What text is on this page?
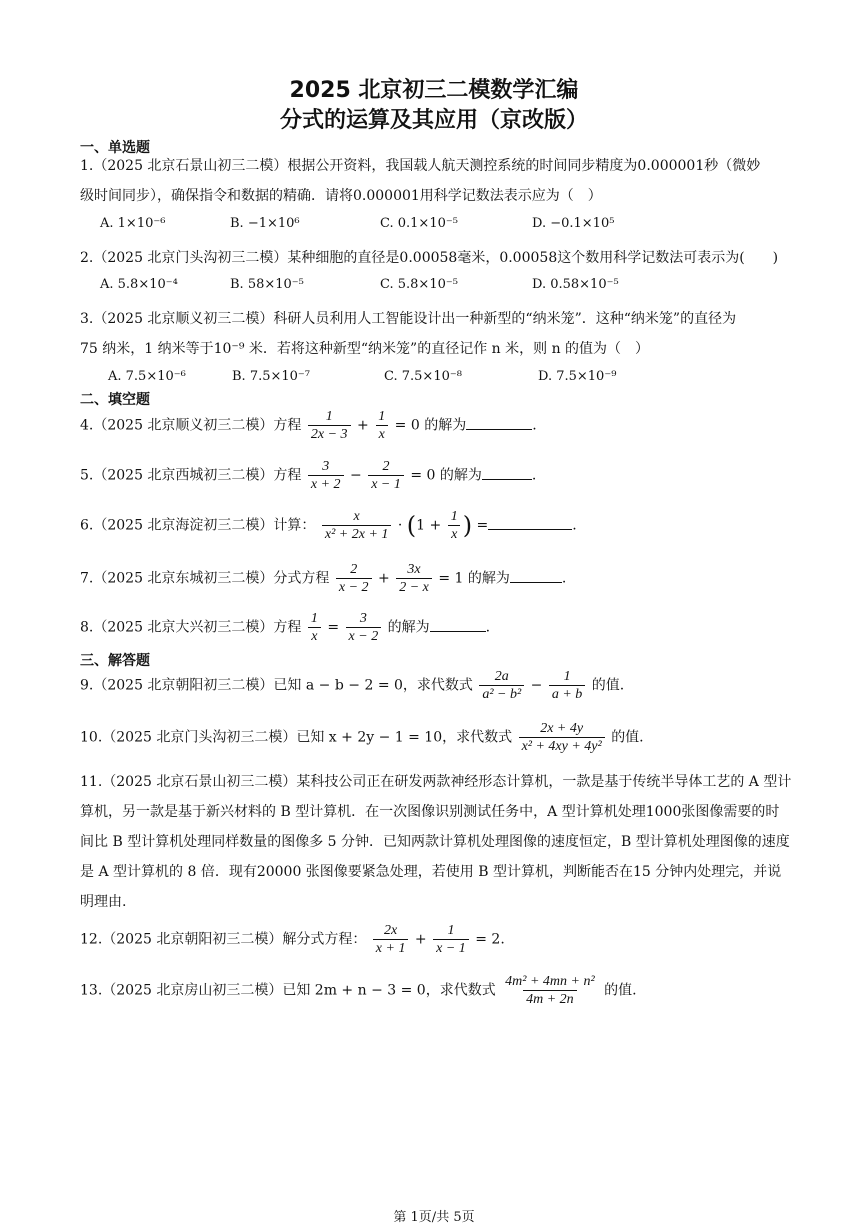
2025 北京初三二模数学汇编
分式的运算及其应用（京改版）
一、单选题
1.（2025 北京石景山初三二模）根据公开资料，我国载人航天测控系统的时间同步精度为0.000001秒（微妙
级时间同步），确保指令和数据的精确．请将0.000001用科学记数法表示应为（　）
A. 1×10⁻⁶	B. −1×10⁶	C. 0.1×10⁻⁵	D. −0.1×10⁵
2.（2025 北京门头沟初三二模）某种细胞的直径是0.00058毫米，0.00058这个数用科学记数法可表示为(　　)
A. 5.8×10⁻⁴	B. 58×10⁻⁵	C. 5.8×10⁻⁵	D. 0.58×10⁻⁵
3.（2025 北京顺义初三二模）科研人员利用人工智能设计出一种新型的“纳米笼”．这种“纳米笼”的直径为
75 纳米，1 纳米等于10⁻⁹ 米．若将这种新型“纳米笼”的直径记作 n 米，则 n 的值为（　）
A. 7.5×10⁻⁶	B. 7.5×10⁻⁷	C. 7.5×10⁻⁸	D. 7.5×10⁻⁹
二、填空题
4.（2025 北京顺义初三二模）方程 $\frac{1}{2x - 3} + \frac{1}{x} = 0$ 的解为	.
5.（2025 北京西城初三二模）方程 $\frac{3}{x + 2} - \frac{2}{x - 1} = 0$ 的解为	.
6.（2025 北京海淀初三二模）计算： $\frac{x}{\text{x² + 2x + 1}} \cdot (1 + \frac{1}{x}$ ) =	.
7.（2025 北京东城初三二模）分式方程 $\frac{2}{x - 2} + \frac{3x}{2 - x} = 1$ 的解为	.
8.（2025 北京大兴初三二模）方程 $\frac{1}{x} = \frac{3}{x - 2}$ 的解为	.
三、解答题
9.（2025 北京朝阳初三二模）已知 a − b − 2 = 0，求代数式 $\frac{2a}{\text{a² − b²}} - \frac{1}{a + b}$ 的值.
10.（2025 北京门头沟初三二模）已知 x + 2y − 1 = 10，求代数式 $\frac{2x + 4y}{\text{x² + 4xy + 4y²}}$ 的值.
11.（2025 北京石景山初三二模）某科技公司正在研发两款神经形态计算机，一款是基于传统半导体工艺的 A 型计算机，另一款是基于新兴材料的 B 型计算机．在一次图像识别测试任务中，A 型计算机处理1000张图像需要的时间比 B 型计算机处理同样数量的图像多 5 分钟．已知两款计算机处理图像的速度恒定，B 型计算机处理图像的速度是 A 型计算机的 8 倍．现有20000 张图像要紧急处理，若使用 B 型计算机，判断能否在15 分钟内处理完，并说明理由.
12.（2025 北京朝阳初三二模）解分式方程： $\frac{2x}{x + 1} + \frac{1}{x - 1} = 2$.
13.（2025 北京房山初三二模）已知 2m + n − 3 = 0，求代数式 $\frac{\text{4m² + 4mn + n²}}{4m + 2n}$ 的值.
第 1页/共 5页
